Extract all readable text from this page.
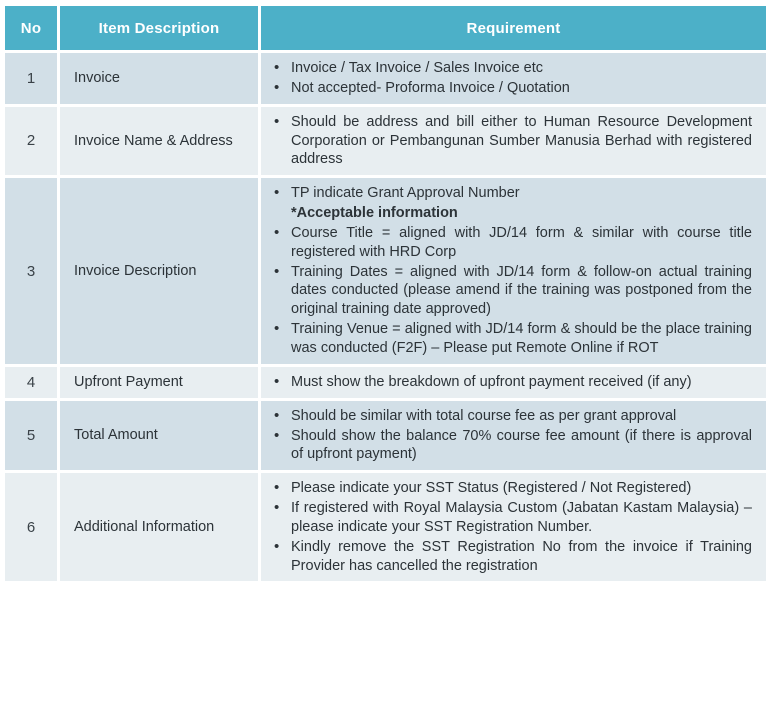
No	Item Description	Requirement
1	Invoice	
• Invoice / Tax Invoice / Sales Invoice etc
• Not accepted- Proforma Invoice / Quotation

2	Invoice Name & Address	
• Should be address and bill either to Human Resource Development Corporation or Pembangunan Sumber Manusia Berhad with registered address

3	Invoice Description	
• TP indicate Grant Approval Number
*Acceptable information
• Course Title = aligned with JD/14 form & similar with course title registered with HRD Corp
• Training Dates = aligned with JD/14 form & follow-on actual training dates conducted (please amend if the training was postponed from the original training date approved)
• Training Venue = aligned with JD/14 form & should be the place training was conducted (F2F) – Please put Remote Online if ROT

4	Upfront Payment	
•Must show the breakdown of upfront payment received (if any)

5	Total Amount	
• Should be similar with total course fee as per grant approval
• Should show the balance 70% course fee amount (if there is approval of upfront payment)

6	Additional Information	
• Please indicate your SST Status (Registered / Not Registered)
• If registered with Royal Malaysia Custom (Jabatan Kastam Malaysia) – please indicate your SST Registration Number.
• Kindly remove the SST Registration No from the invoice if Training Provider has cancelled the registration
